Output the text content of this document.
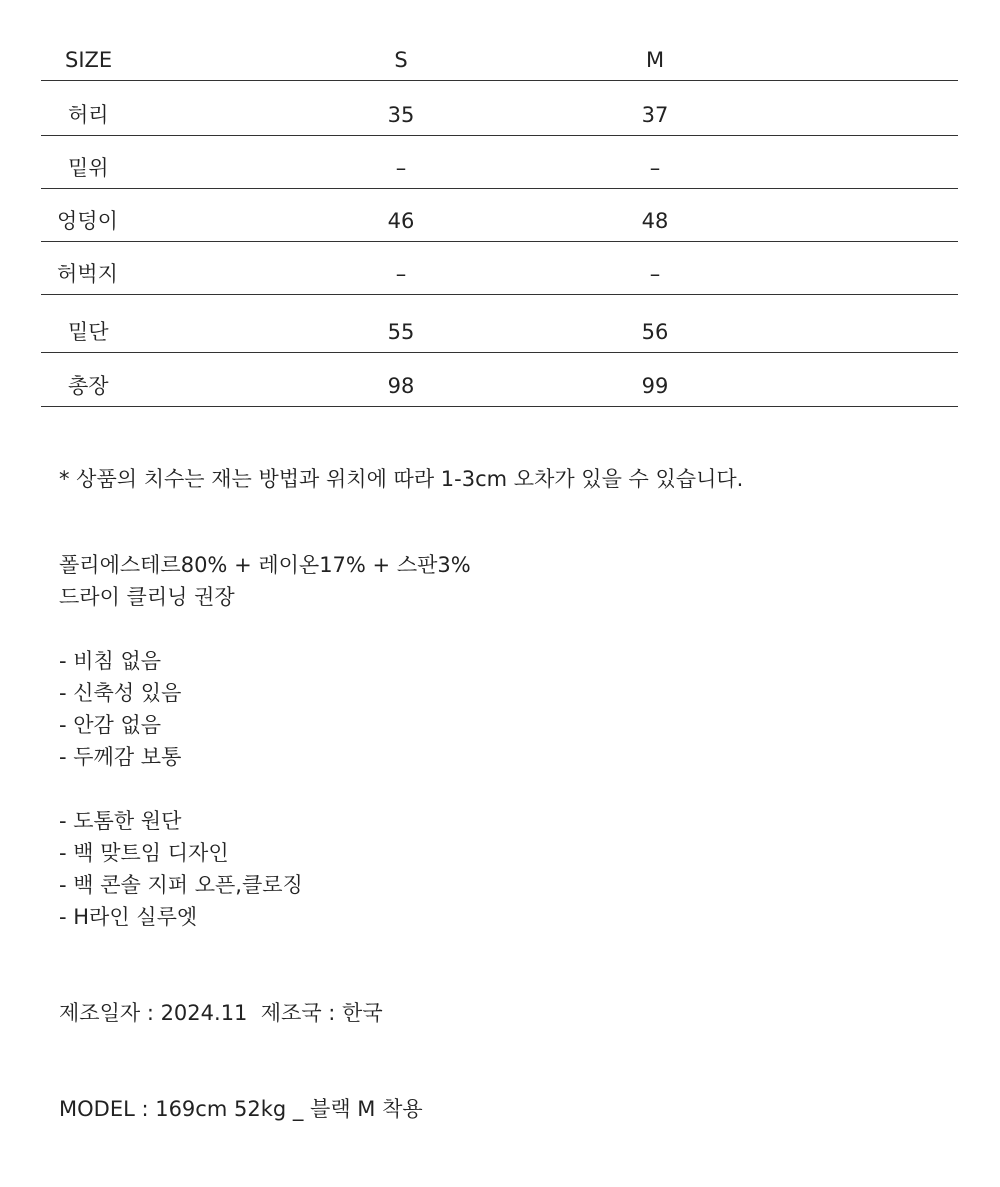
SIZE	S	M
허리	35	37
밑위	–	–
엉덩이	46	48
허벅지	–	–
밑단	55	56
총장	98	99
* 상품의 치수는 재는 방법과 위치에 따라 1-3cm 오차가 있을 수 있습니다.

폴리에스테르80% + 레이온17% + 스판3%

드라이 클리닝 권장

- 비침 없음

- 신축성 있음

- 안감 없음

- 두께감 보통

- 도톰한 원단

- 백 맞트임 디자인

- 백 콘솔 지퍼 오픈,클로징

- H라인 실루엣

제조일자 : 2024.11  제조국 : 한국
MODEL : 169cm 52kg _ 블랙 M 착용
